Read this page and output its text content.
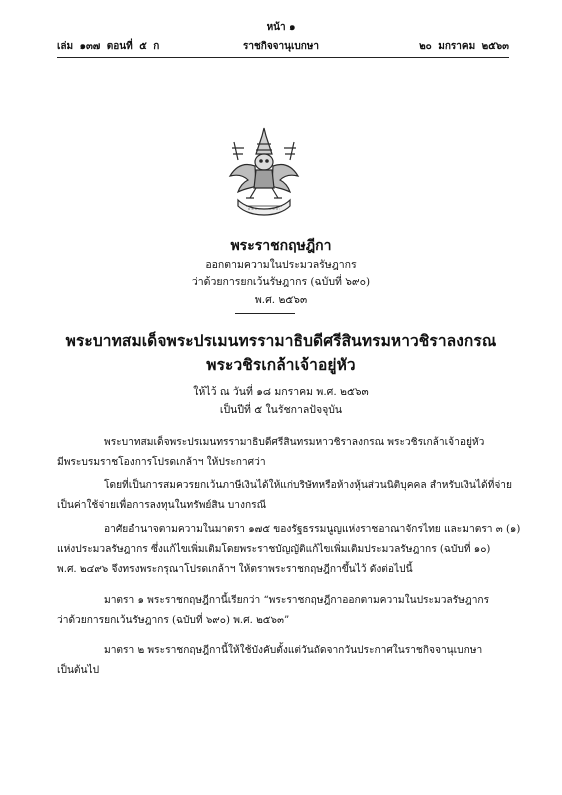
หน้า ๑
เล่ม ๑๓๗ ตอนที่ ๕ ก	ราชกิจจานุเบกษา	๒๐ มกราคม ๒๕๖๓
พระราชกฤษฎีกา
ออกตามความในประมวลรัษฎากร
ว่าด้วยการยกเว้นรัษฎากร (ฉบับที่ ๖๙๐)
พ.ศ. ๒๕๖๓
พระบาทสมเด็จพระปรเมนทรรามาธิบดีศรีสินทรมหาวชิราลงกรณ
พระวชิรเกล้าเจ้าอยู่หัว
ให้ไว้ ณ วันที่ ๑๘ มกราคม พ.ศ. ๒๕๖๓
เป็นปีที่ ๕ ในรัชกาลปัจจุบัน
พระบาทสมเด็จพระปรเมนทรรามาธิบดีศรีสินทรมหาวชิราลงกรณ พระวชิรเกล้าเจ้าอยู่หัว
มีพระบรมราชโองการโปรดเกล้าฯ ให้ประกาศว่า
โดยที่เป็นการสมควรยกเว้นภาษีเงินได้ให้แก่บริษัทหรือห้างหุ้นส่วนนิติบุคคล สำหรับเงินได้ที่จ่าย
เป็นค่าใช้จ่ายเพื่อการลงทุนในทรัพย์สิน บางกรณี
อาศัยอำนาจตามความในมาตรา ๑๗๕ ของรัฐธรรมนูญแห่งราชอาณาจักรไทย และมาตรา ๓ (๑)
แห่งประมวลรัษฎากร ซึ่งแก้ไขเพิ่มเติมโดยพระราชบัญญัติแก้ไขเพิ่มเติมประมวลรัษฎากร (ฉบับที่ ๑๐)
พ.ศ. ๒๔๙๖ จึงทรงพระกรุณาโปรดเกล้าฯ ให้ตราพระราชกฤษฎีกาขึ้นไว้ ดังต่อไปนี้
มาตรา ๑ พระราชกฤษฎีกานี้เรียกว่า “พระราชกฤษฎีกาออกตามความในประมวลรัษฎากร
ว่าด้วยการยกเว้นรัษฎากร (ฉบับที่ ๖๙๐) พ.ศ. ๒๕๖๓”
มาตรา ๒ พระราชกฤษฎีกานี้ให้ใช้บังคับตั้งแต่วันถัดจากวันประกาศในราชกิจจานุเบกษา
เป็นต้นไป
